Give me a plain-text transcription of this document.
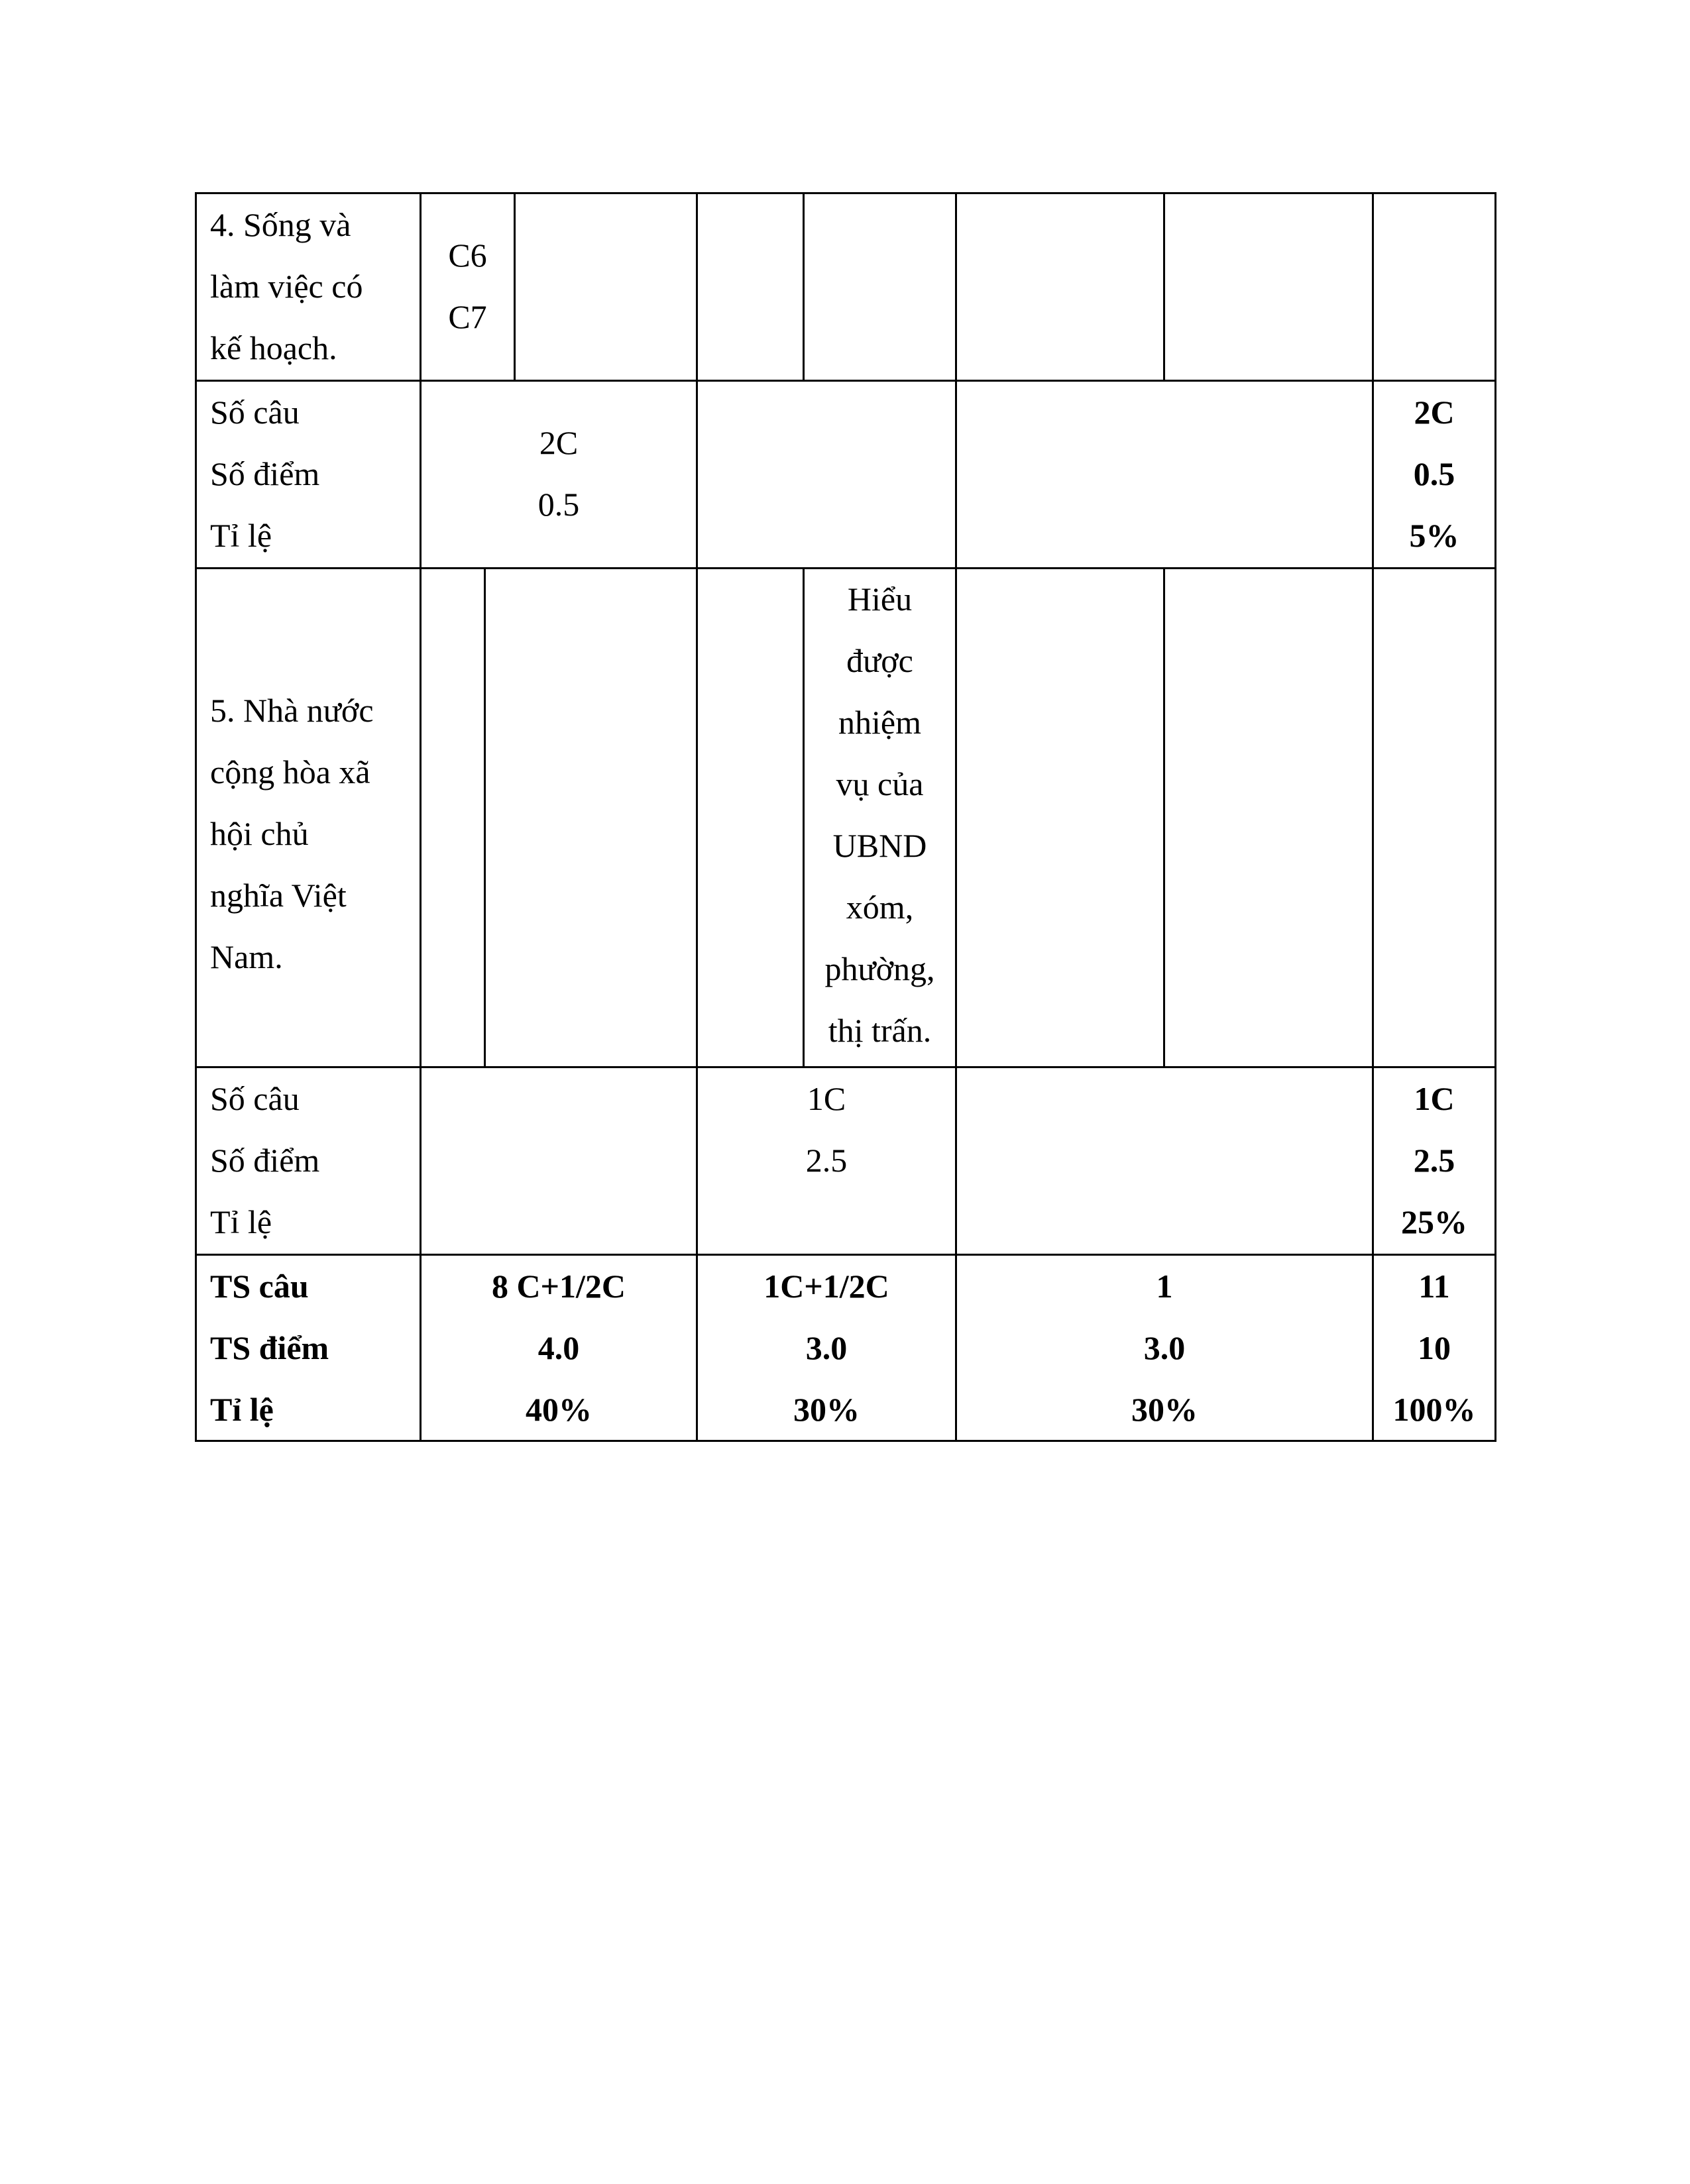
4. Sống và
làm việc có
kế hoạch.
C6
C7
Số câu
Số điểm
Tỉ lệ
2C
0.5
2C
0.5
5%
5. Nhà nước
cộng hòa xã
hội chủ
nghĩa Việt
Nam.
Hiểu
được
nhiệm
vụ của
UBND
xóm,
phường,
thị trấn.
Số câu
Số điểm
Tỉ lệ
1C
2.5
1C
2.5
25%
TS câu
TS điểm
Tỉ lệ
8 C+1/2C
4.0
40%
1C+1/2C
3.0
30%
1
3.0
30%
11
10
100%
